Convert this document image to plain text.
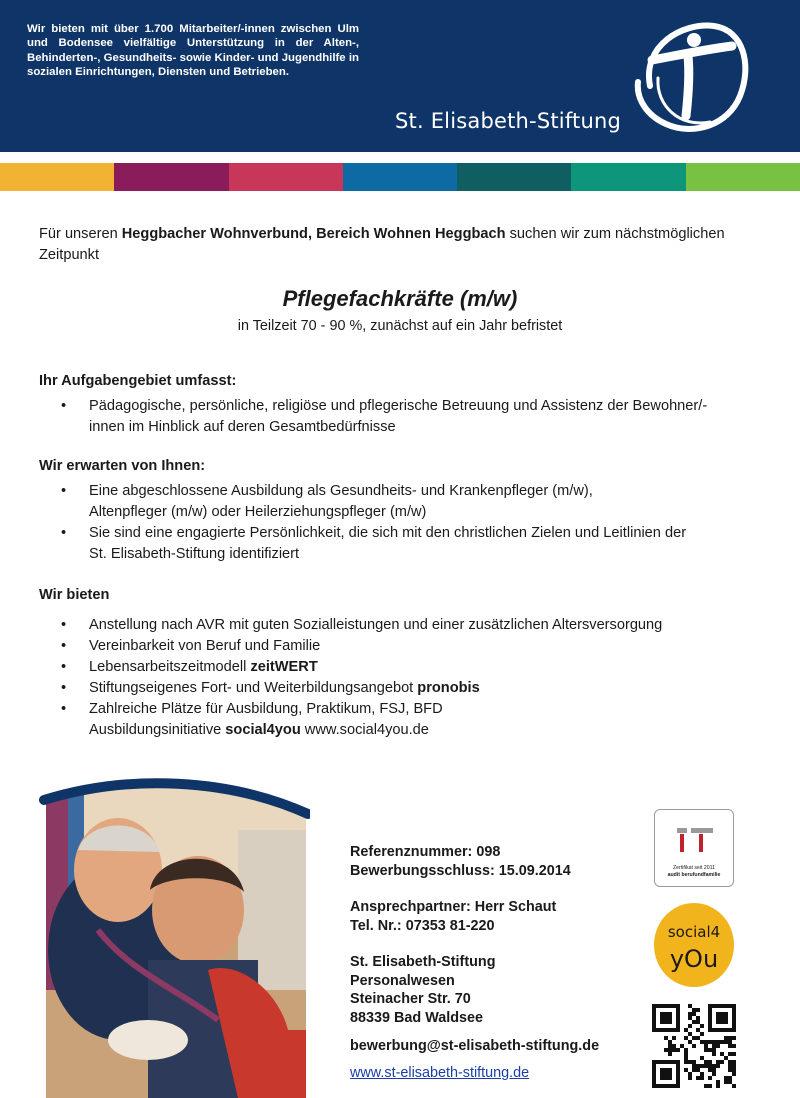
Wir bieten mit über 1.700 Mitarbeiter/-innen zwischen Ulm und Bodensee vielfältige Unterstützung in der Alten-, Behinderten-, Gesundheits- sowie Kinder- und Jugendhilfe in sozialen Einrichtungen, Diensten und Betrieben.

St. Elisabeth-Stiftung

Für unseren Heggbacher Wohnverbund, Bereich Wohnen Heggbach suchen wir zum nächstmöglichen Zeitpunkt

Pflegefachkräfte (m/w)

in Teilzeit 70 - 90 %, zunächst auf ein Jahr befristet

Ihr Aufgabengebiet umfasst:
• Pädagogische, persönliche, religiöse und pflegerische Betreuung und Assistenz der Bewohner/-
innen im Hinblick auf deren Gesamtbedürfnisse
Wir erwarten von Ihnen:
• Eine abgeschlossene Ausbildung als Gesundheits- und Krankenpfleger (m/w),
Altenpfleger (m/w) oder Heilerziehungspfleger (m/w)
• Sie sind eine engagierte Persönlichkeit, die sich mit den christlichen Zielen und Leitlinien der
St. Elisabeth-Stiftung identifiziert
Wir bieten
• Anstellung nach AVR mit guten Sozialleistungen und einer zusätzlichen Altersversorgung
• Vereinbarkeit von Beruf und Familie
• Lebensarbeitszeitmodell zeitWERT
• Stiftungseigenes Fort- und Weiterbildungsangebot pronobis
• Zahlreiche Plätze für Ausbildung, Praktikum, FSJ, BFD
Ausbildungsinitiative social4you www.social4you.de
Referenznummer: 098
Bewerbungsschluss: 15.09.2014
Ansprechpartner: Herr Schaut
Tel. Nr.: 07353 81-220
St. Elisabeth-Stiftung
Personalwesen
Steinacher Str. 70
88339 Bad Waldsee
bewerbung@st-elisabeth-stiftung.de
www.st-elisabeth-stiftung.de
Zertifikat seit 2011
audit berufundfamilie
social4
yOu
